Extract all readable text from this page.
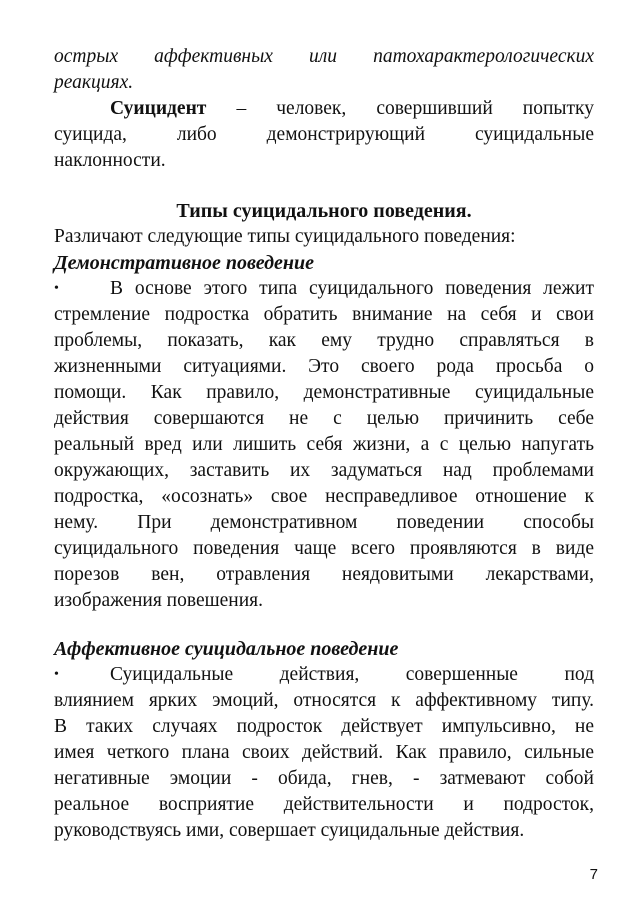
острых аффективных или патохарактерологических
реакциях.

Суицидент – человек, совершивший попытку
суицида, либо демонстрирующий суицидальные
наклонности.

Типы суицидального поведения.

Различают следующие типы суицидального поведения:

Демонстративное поведение
•	В основе этого типа суицидального поведения лежит

стремление подростка обратить внимание на себя и свои
проблемы, показать, как ему трудно справляться в
жизненными ситуациями. Это своего рода просьба о
помощи. Как правило, демонстративные суицидальные
действия совершаются не с целью причинить себе
реальный вред или лишить себя жизни, а с целью напугать
окружающих, заставить их задуматься над проблемами
подростка, «осознать» свое несправедливое отношение к
нему. При демонстративном поведении способы
суицидального поведения чаще всего проявляются в виде
порезов вен, отравления неядовитыми лекарствами,
изображения повешения.

Аффективное суицидальное поведение
•	Суицидальные действия, совершенные под

влиянием ярких эмоций, относятся к аффективному типу.
В таких случаях подросток действует импульсивно, не
имея четкого плана своих действий. Как правило, сильные
негативные эмоции - обида, гнев, - затмевают собой
реальное восприятие действительности и подросток,
руководствуясь ими, совершает суицидальные действия.

7
